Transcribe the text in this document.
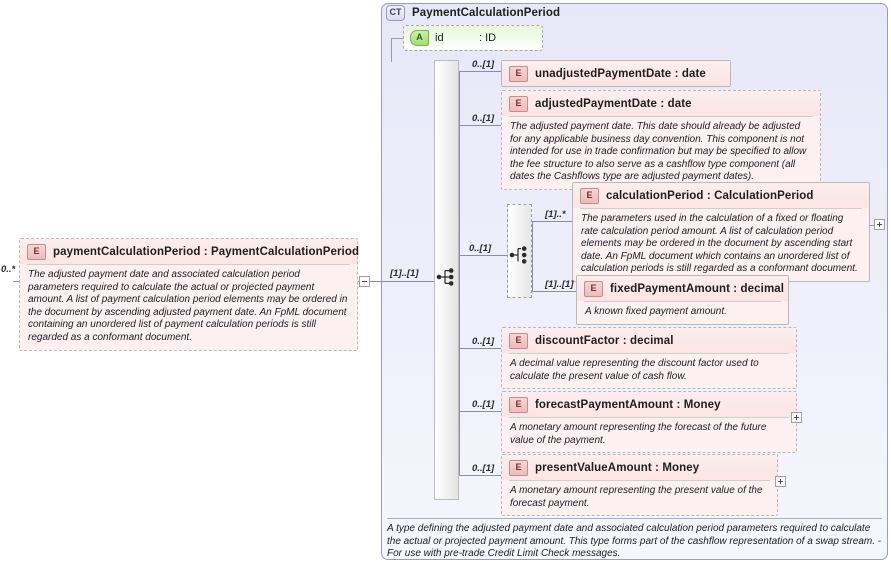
CT PaymentCalculationPeriod
A	id	: ID
[1]..[1]
0..[1]
0..[1]
E	unadjustedPaymentDate : date
0..[1]
E	adjustedPaymentDate : date
The adjusted payment date. This date should already be adjusted for any applicable business day convention. This component is not intended for use in trade confirmation but may be specified to allow the fee structure to also serve as a cashflow type component (all dates the Cashflows type are adjusted payment dates).
[1]..*
E	calculationPeriod : CalculationPeriod
The parameters used in the calculation of a fixed or floating rate calculation period amount. A list of calculation period elements may be ordered in the document by ascending start date. An FpML document which contains an unordered list of calculation periods is still regarded as a conformant document.
[1]..[1]	E	fixedPaymentAmount : decimal
A known fixed payment amount.
0..[1]	E	discountFactor : decimal
A decimal value representing the discount factor used to calculate the present value of cash flow.
0..[1]	E	forecastPaymentAmount : Money
A monetary amount representing the forecast of the future value of the payment.
0..[1]	E	presentValueAmount : Money
A monetary amount representing the present value of the forecast payment.
A type defining the adjusted payment date and associated calculation period parameters required to calculate the actual or projected payment amount. This type forms part of the cashflow representation of a swap stream. - For use with pre-trade Credit Limit Check messages.
E	paymentCalculationPeriod : PaymentCalculationPeriod
The adjusted payment date and associated calculation period parameters required to calculate the actual or projected payment amount. A list of payment calculation period elements may be ordered in the document by ascending adjusted payment date. An FpML document containing an unordered list of payment calculation periods is still regarded as a conformant document.
0..*
